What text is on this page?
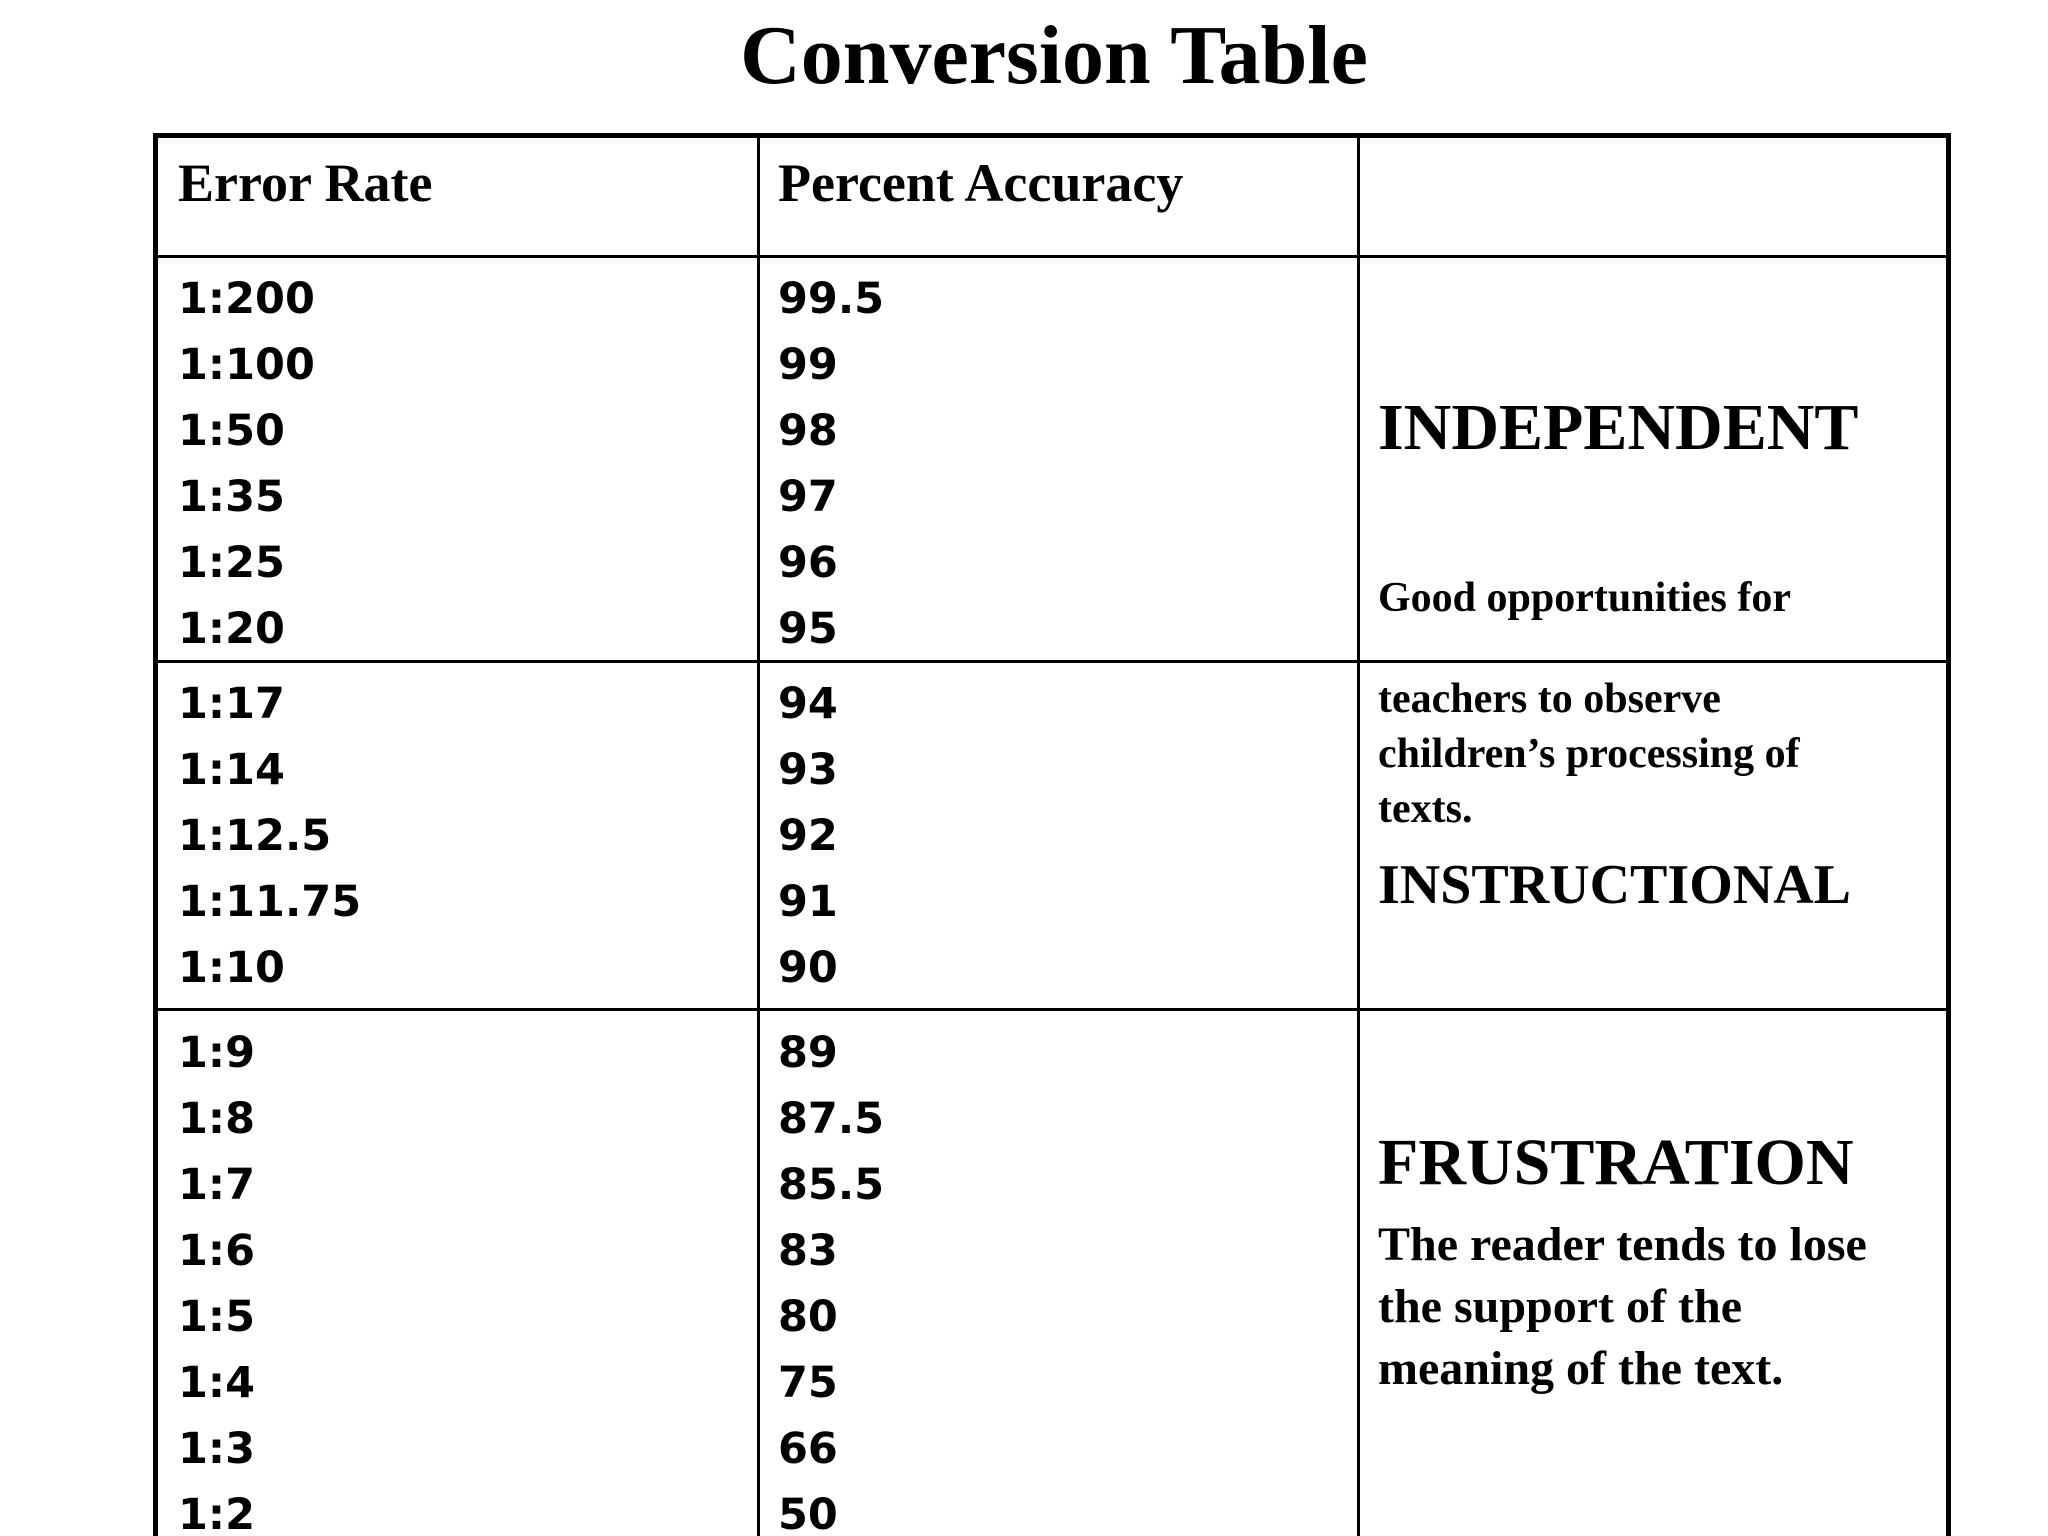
Conversion Table
Error Rate	Percent Accuracy
1:200
1:100
1:50
1:35
1:25
1:20
99.5
99
98
97
96
95
INDEPENDENT
Good opportunities for
1:17
1:14
1:12.5
1:11.75
1:10
94
93
92
91
90
teachers to observe
children’s processing of
texts.
INSTRUCTIONAL
1:9
1:8
1:7
1:6
1:5
1:4
1:3
1:2
89
87.5
85.5
83
80
75
66
50
FRUSTRATION
The reader tends to lose
the support of the
meaning of the text.
